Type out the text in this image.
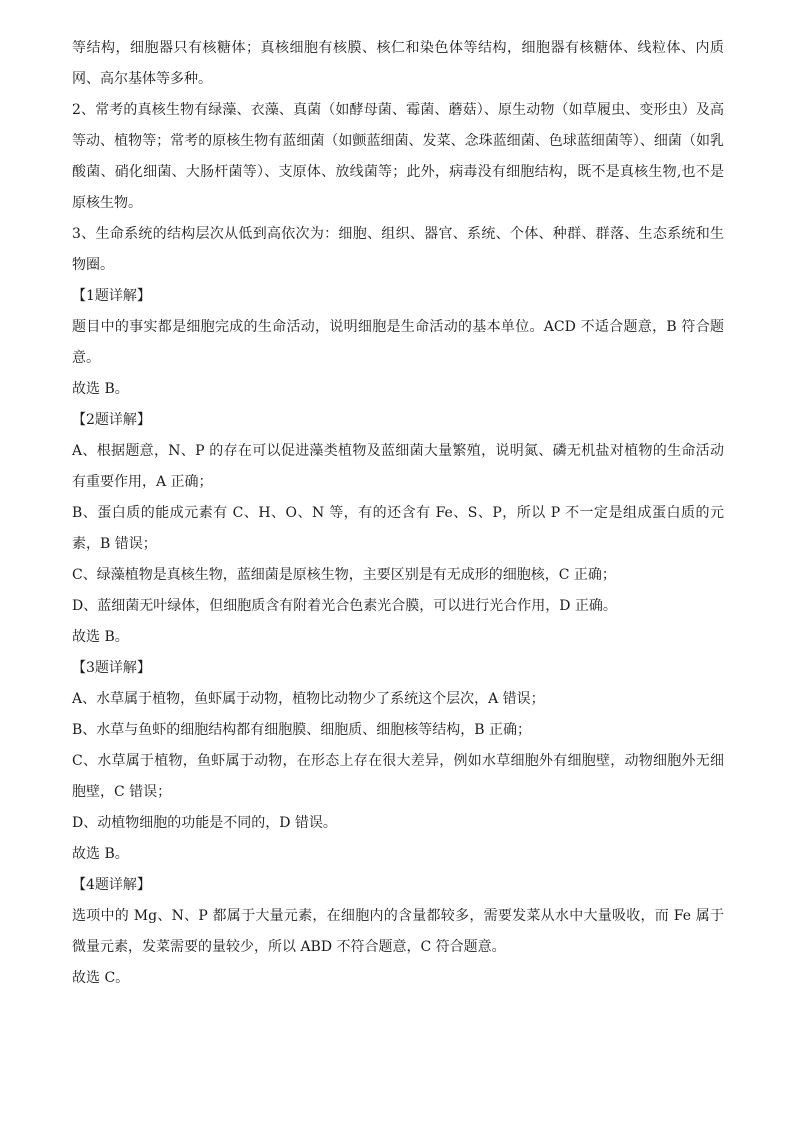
等结构，细胞器只有核糖体；真核细胞有核膜、核仁和染色体等结构，细胞器有核糖体、线粒体、内质网、高尔基体等多种。

2、常考的真核生物有绿藻、衣藻、真菌（如酵母菌、霉菌、蘑菇）、原生动物（如草履虫、变形虫）及高等动、植物等；常考的原核生物有蓝细菌（如颤蓝细菌、发菜、念珠蓝细菌、色球蓝细菌等）、细菌（如乳酸菌、硝化细菌、大肠杆菌等）、支原体、放线菌等；此外，病毒没有细胞结构，既不是真核生物,也不是原核生物。

3、生命系统的结构层次从低到高依次为：细胞、组织、器官、系统、个体、种群、群落、生态系统和生物圈。

【1题详解】

题目中的事实都是细胞完成的生命活动，说明细胞是生命活动的基本单位。ACD 不适合题意，B 符合题意。

故选 B。

【2题详解】

A、根据题意，N、P 的存在可以促进藻类植物及蓝细菌大量繁殖，说明氮、磷无机盐对植物的生命活动有重要作用，A 正确；

B、蛋白质的能成元素有 C、H、O、N 等，有的还含有 Fe、S、P，所以 P 不一定是组成蛋白质的元素，B 错误；

C、绿藻植物是真核生物，蓝细菌是原核生物，主要区别是有无成形的细胞核，C 正确；

D、蓝细菌无叶绿体，但细胞质含有附着光合色素光合膜，可以进行光合作用，D 正确。

故选 B。

【3题详解】

A、水草属于植物，鱼虾属于动物，植物比动物少了系统这个层次，A 错误；

B、水草与鱼虾的细胞结构都有细胞膜、细胞质、细胞核等结构，B 正确；

C、水草属于植物，鱼虾属于动物，在形态上存在很大差异，例如水草细胞外有细胞壁，动物细胞外无细胞壁，C 错误；

D、动植物细胞的功能是不同的，D 错误。

故选 B。

【4题详解】

选项中的 Mg、N、P 都属于大量元素，在细胞内的含量都较多，需要发菜从水中大量吸收，而 Fe 属于微量元素，发菜需要的量较少，所以 ABD 不符合题意，C 符合题意。

故选 C。
